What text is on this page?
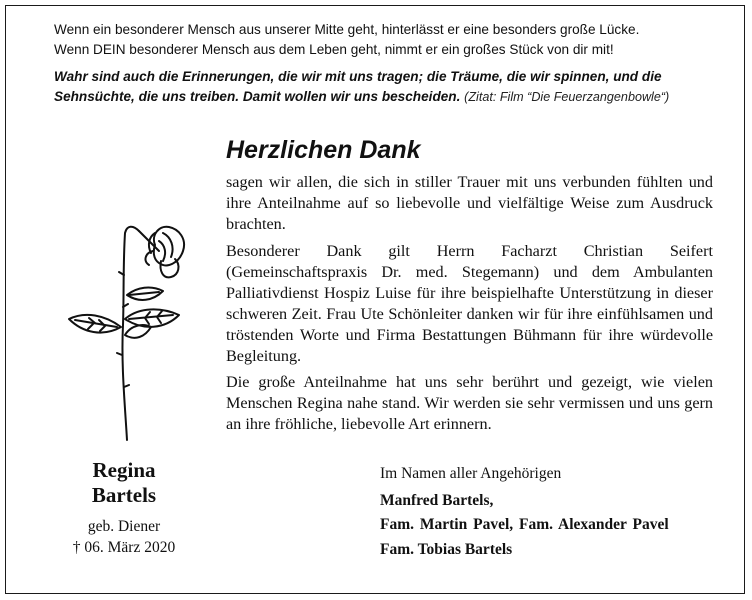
Wenn ein besonderer Mensch aus unserer Mitte geht, hinterlässt er eine besonders große Lücke.
Wenn DEIN besonderer Mensch aus dem Leben geht, nimmt er ein großes Stück von dir mit!
Wahr sind auch die Erinnerungen, die wir mit uns tragen; die Träume, die wir spinnen, und die
Sehnsüchte, die uns treiben. Damit wollen wir uns bescheiden. (Zitat: Film “Die Feuerzangenbowle“)
Herzlichen Dank

sagen wir allen, die sich in stiller Trauer mit uns verbunden fühlten und ihre Anteilnahme auf so liebevolle und vielfältige Weise zum Ausdruck brachten.

Besonderer Dank gilt Herrn Facharzt Christian Seifert (Gemeinschaftspraxis Dr. med. Stegemann) und dem Ambulanten Palliativdienst Hospiz Luise für ihre beispielhafte Unterstützung in dieser schweren Zeit. Frau Ute Schönleiter danken wir für ihre einfühlsamen und tröstenden Worte und Firma Bestattungen Bühmann für ihre würdevolle Begleitung.

Die große Anteilnahme hat uns sehr berührt und gezeigt, wie vielen Menschen Regina nahe stand. Wir werden sie sehr vermissen und uns gern an ihre fröhliche, liebevolle Art erinnern.

Regina
Bartels
geb. Diener
† 06. März 2020
Im Namen aller Angehörigen
Manfred Bartels,
Fam. Martin Pavel, Fam. Alexander Pavel
Fam. Tobias Bartels
